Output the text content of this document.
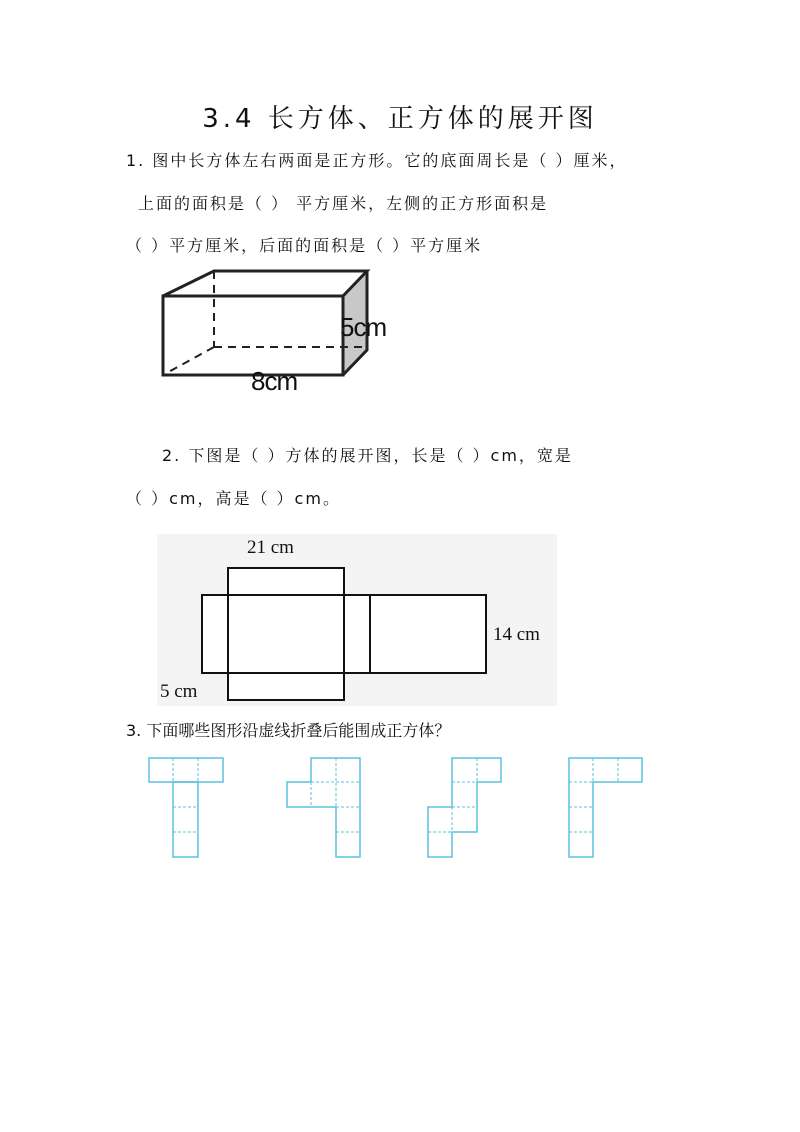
3.4 长方体、正方体的展开图
1. 图中长方体左右两面是正方形。它的底面周长是（ ）厘米，
上面的面积是（ ） 平方厘米，左侧的正方形面积是
（ ）平方厘米，后面的面积是（ ）平方厘米
5cm
8cm
2. 下图是（ ）方体的展开图，长是（ ）cm，宽是
（ ）cm，高是（ ）cm。
21 cm
14 cm
5 cm
3. 下面哪些图形沿虚线折叠后能围成正方体？
